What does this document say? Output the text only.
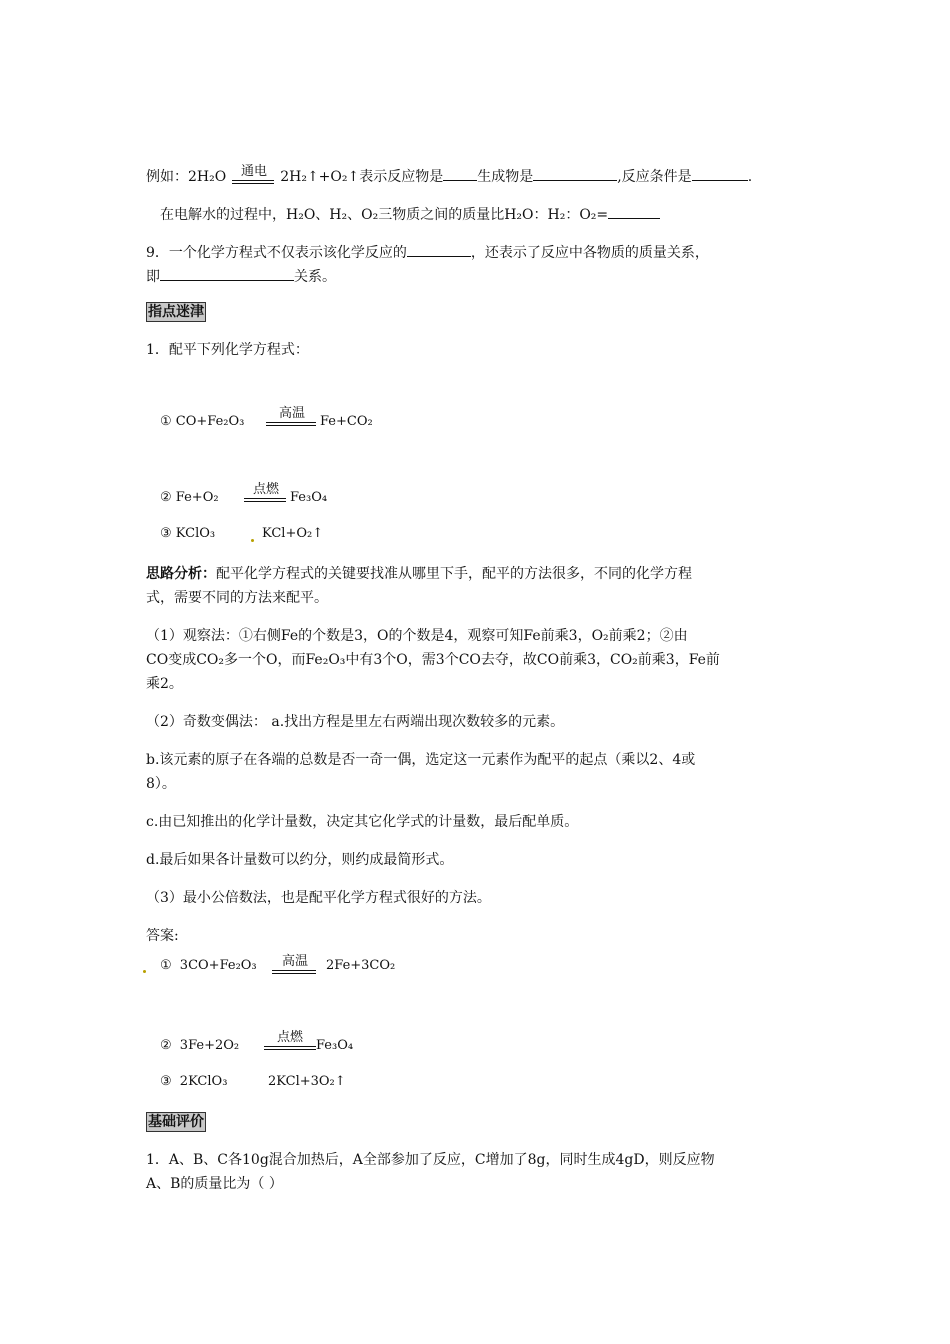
例如：2H₂O	2H₂↑+O₂↑表示反应物是 生成物是	,反应条件是	.
通电
在电解水的过程中，H₂O、H₂、O₂三物质之间的质量比H₂O：H₂：O₂=
9．一个化学方程式不仅表示该化学反应的	，还表示了反应中各物质的质量关系，
即	关系。
指点迷津
1．配平下列化学方程式：
① CO+Fe₂O₃
高温
Fe+CO₂
② Fe+O₂
点燃
Fe₃O₄
③ KClO₃	KCl+O₂↑
思路分析：配平化学方程式的关键要找准从哪里下手，配平的方法很多，不同的化学方程
式，需要不同的方法来配平。
（1）观察法：①右侧Fe的个数是3，O的个数是4，观察可知Fe前乘3，O₂前乘2；②由
CO变成CO₂多一个O，而Fe₂O₃中有3个O，需3个CO去夺，故CO前乘3，CO₂前乘3，Fe前
乘2。
（2）奇数变偶法： a.找出方程是里左右两端出现次数较多的元素。
b.该元素的原子在各端的总数是否一奇一偶，选定这一元素作为配平的起点（乘以2、4或
8）。
c.由已知推出的化学计量数，决定其它化学式的计量数，最后配单质。
d.最后如果各计量数可以约分，则约成最简形式。
（3）最小公倍数法，也是配平化学方程式很好的方法。
答案:
① 3CO+Fe₂O₃	高温	2Fe+3CO₂
② 3Fe+2O₂
点燃
Fe₃O₄
③ 2KClO₃	2KCl+3O₂↑
基础评价
1．A、B、C各10g混合加热后，A全部参加了反应，C增加了8g，同时生成4gD，则反应物
A、B的质量比为（ ）
